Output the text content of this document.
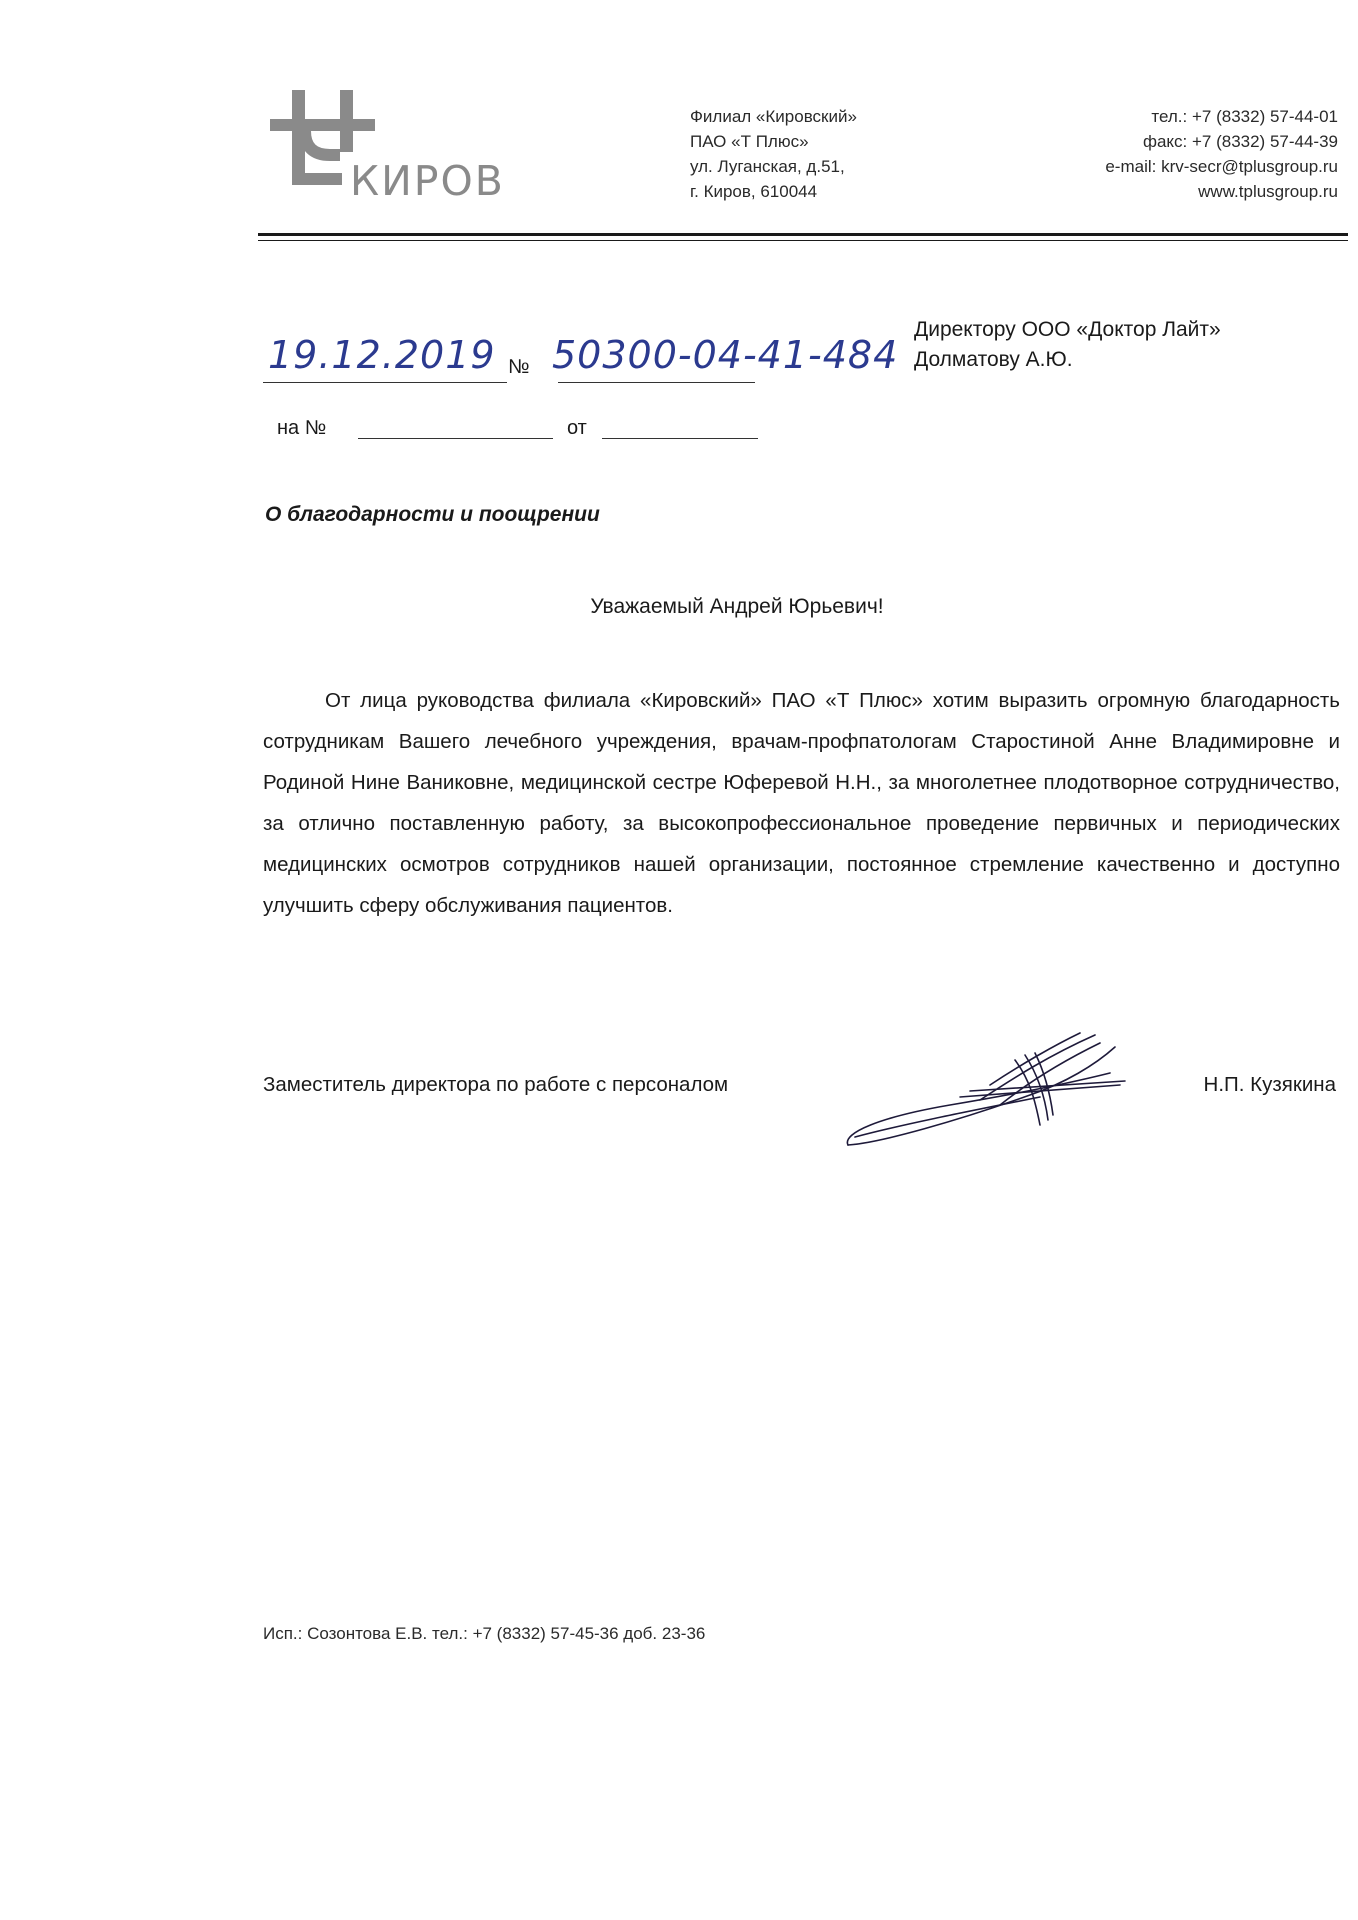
КИРОВ
Филиал «Кировский»
ПАО «Т Плюс»
ул. Луганская, д.51,
г. Киров, 610044
тел.: +7 (8332) 57-44-01
факс: +7 (8332) 57-44-39
e-mail: krv-secr@tplusgroup.ru
www.tplusgroup.ru
19.12.2019 № 50300-04-41-484
на №	от
Директору ООО «Доктор Лайт»
Долматову А.Ю.
О благодарности и поощрении
Уважаемый Андрей Юрьевич!
От лица руководства филиала «Кировский» ПАО «Т Плюс» хотим выразить огромную благодарность сотрудникам Вашего лечебного учреждения, врачам-профпатологам Старостиной Анне Владимировне и Родиной Нине Ваниковне, медицинской сестре Юферевой Н.Н., за многолетнее плодотворное сотрудничество, за отлично поставленную работу, за высокопрофессиональное проведение первичных и периодических медицинских осмотров сотрудников нашей организации, постоянное стремление качественно и доступно улучшить сферу обслуживания пациентов.
Заместитель директора по работе с персоналом	Н.П. Кузякина
Исп.: Созонтова Е.В. тел.: +7 (8332) 57-45-36 доб. 23-36
